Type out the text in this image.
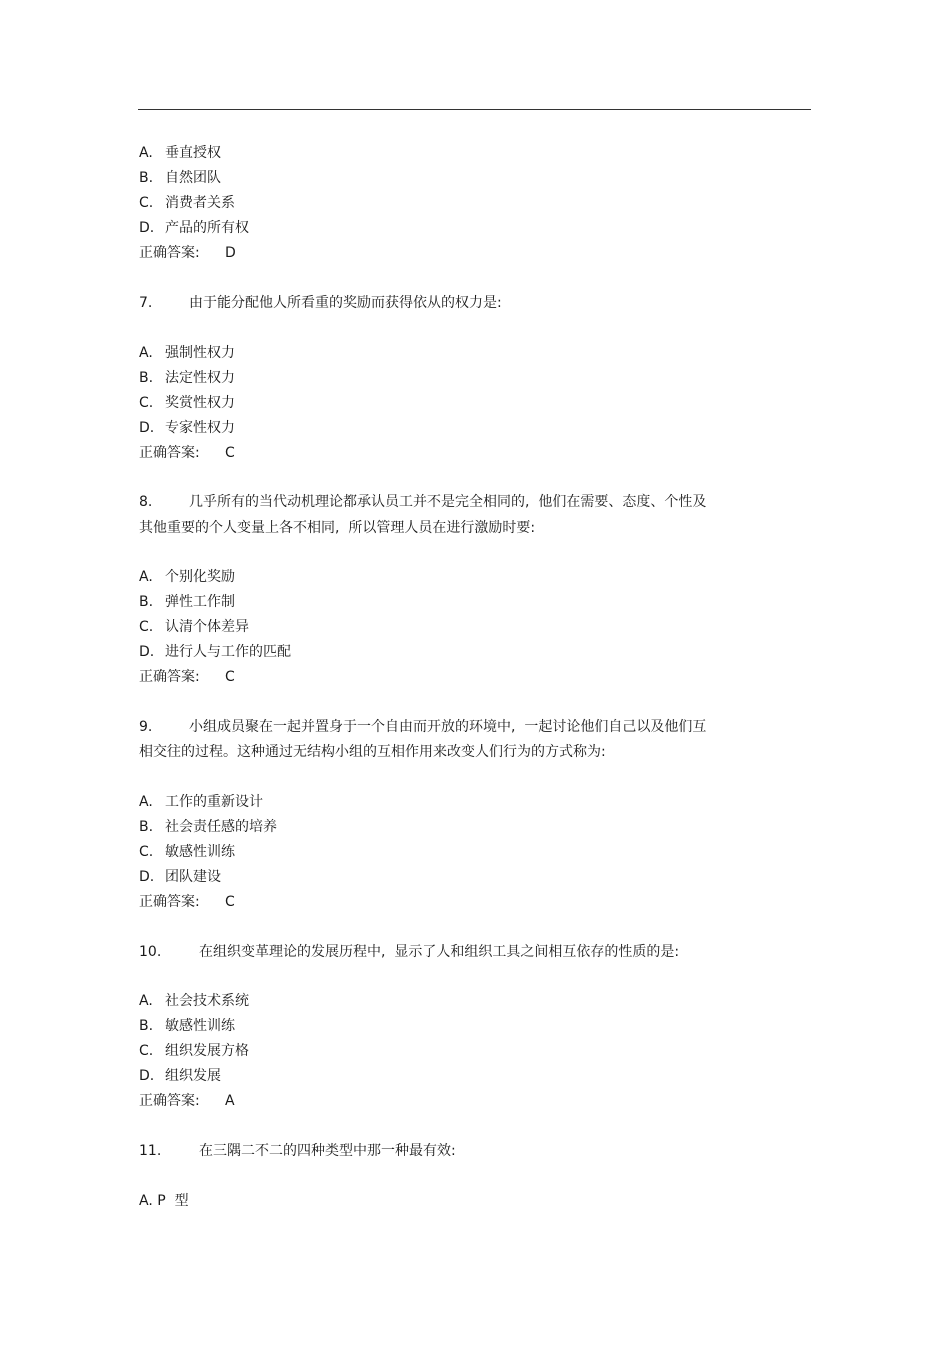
A. 垂直授权
B. 自然团队
C. 消费者关系
D. 产品的所有权
正确答案: D
7.	由于能分配他人所看重的奖励而获得依从的权力是:
A. 强制性权力
B. 法定性权力
C. 奖赏性权力
D. 专家性权力
正确答案: C
8.	几乎所有的当代动机理论都承认员工并不是完全相同的,  他们在需要、态度、个性及
其他重要的个人变量上各不相同,  所以管理人员在进行激励时要:
A. 个别化奖励
B. 弹性工作制
C. 认清个体差异
D. 进行人与工作的匹配
正确答案: C
9.	小组成员聚在一起并置身于一个自由而开放的环境中,  一起讨论他们自己以及他们互
相交往的过程。这种通过无结构小组的互相作用来改变人们行为的方式称为:
A. 工作的重新设计
B. 社会责任感的培养
C. 敏感性训练
D. 团队建设
正确答案: C
10.	在组织变革理论的发展历程中,  显示了人和组织工具之间相互依存的性质的是:
A. 社会技术系统
B. 敏感性训练
C. 组织发展方格
D. 组织发展
正确答案: A
11.	在三隅二不二的四种类型中那一种最有效:
A. P  型
